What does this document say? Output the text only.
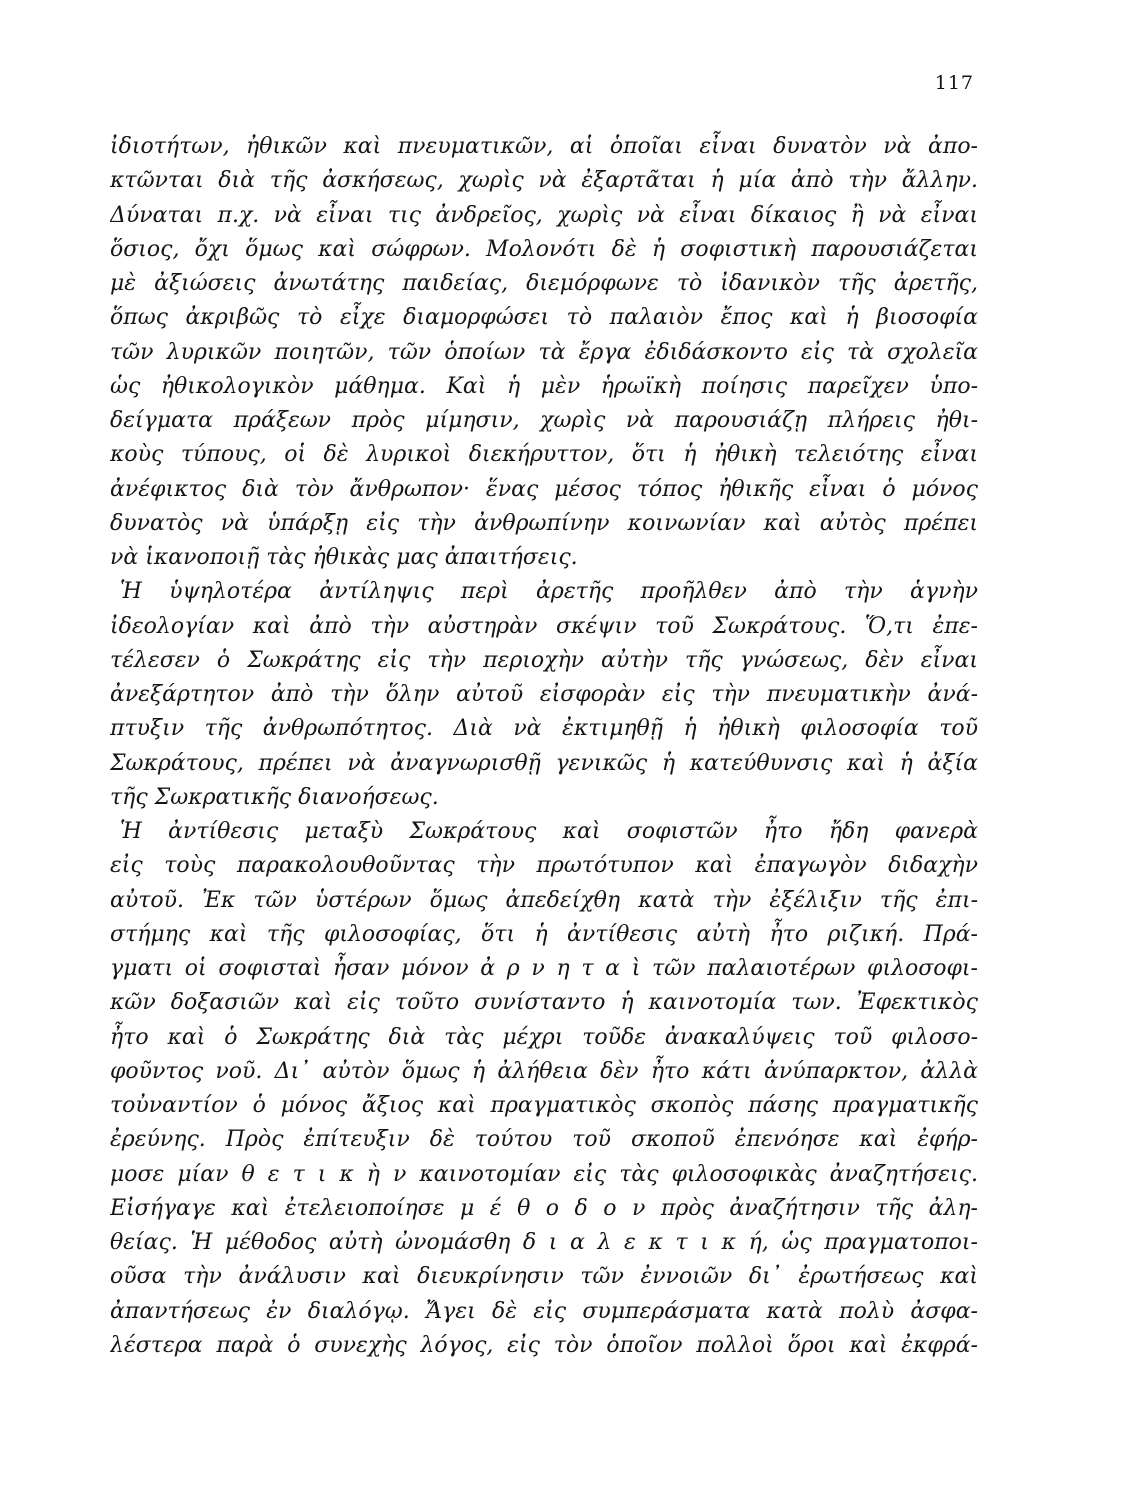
117
ἰδιοτήτων, ἠθικῶν καὶ πνευματικῶν, αἱ ὁποῖαι εἶναι δυνατὸν νὰ ἀπο-
κτῶνται διὰ τῆς ἀσκήσεως, χωρὶς νὰ ἐξαρτᾶται ἡ μία ἀπὸ τὴν ἄλλην.
Δύναται π.χ. νὰ εἶναι τις ἀνδρεῖος, χωρὶς νὰ εἶναι δίκαιος ἢ νὰ εἶναι
ὅσιος, ὄχι ὅμως καὶ σώφρων. Μολονότι δὲ ἡ σοφιστικὴ παρουσιάζεται
μὲ ἀξιώσεις ἀνωτάτης παιδείας, διεμόρφωνε τὸ ἰδανικὸν τῆς ἀρετῆς,
ὅπως ἀκριβῶς τὸ εἶχε διαμορφώσει τὸ παλαιὸν ἔπος καὶ ἡ βιοσοφία
τῶν λυρικῶν ποιητῶν, τῶν ὁποίων τὰ ἔργα ἐδιδάσκοντο εἰς τὰ σχολεῖα
ὡς ἠθικολογικὸν μάθημα. Καὶ ἡ μὲν ἡρωϊκὴ ποίησις παρεῖχεν ὑπο-
δείγματα πράξεων πρὸς μίμησιν, χωρὶς νὰ παρουσιάζῃ πλήρεις ἠθι-
κοὺς τύπους, οἱ δὲ λυρικοὶ διεκήρυττον, ὅτι ἡ ἠθικὴ τελειότης εἶναι
ἀνέφικτος διὰ τὸν ἄνθρωπον· ἕνας μέσος τόπος ἠθικῆς εἶναι ὁ μόνος
δυνατὸς νὰ ὑπάρξῃ εἰς τὴν ἀνθρωπίνην κοινωνίαν καὶ αὐτὸς πρέπει
νὰ ἱκανοποιῇ τὰς ἠθικὰς μας ἀπαιτήσεις.
Ἡ ὑψηλοτέρα ἀντίληψις περὶ ἀρετῆς προῆλθεν ἀπὸ τὴν ἁγνὴν
ἰδεολογίαν καὶ ἀπὸ τὴν αὐστηρὰν σκέψιν τοῦ Σωκράτους. Ὅ,τι ἐπε-
τέλεσεν ὁ Σωκράτης εἰς τὴν περιοχὴν αὐτὴν τῆς γνώσεως, δὲν εἶναι
ἀνεξάρτητον ἀπὸ τὴν ὅλην αὐτοῦ εἰσφορὰν εἰς τὴν πνευματικὴν ἀνά-
πτυξιν τῆς ἀνθρωπότητος. Διὰ νὰ ἐκτιμηθῇ ἡ ἠθικὴ φιλοσοφία τοῦ
Σωκράτους, πρέπει νὰ ἀναγνωρισθῇ γενικῶς ἡ κατεύθυνσις καὶ ἡ ἀξία
τῆς Σωκρατικῆς διανοήσεως.
Ἡ ἀντίθεσις μεταξὺ Σωκράτους καὶ σοφιστῶν ἦτο ἤδη φανερὰ
εἰς τοὺς παρακολουθοῦντας τὴν πρωτότυπον καὶ ἐπαγωγὸν διδαχὴν
αὐτοῦ. Ἐκ τῶν ὑστέρων ὅμως ἀπεδείχθη κατὰ τὴν ἐξέλιξιν τῆς ἐπι-
στήμης καὶ τῆς φιλοσοφίας, ὅτι ἡ ἀντίθεσις αὐτὴ ἦτο ριζική. Πρά-
γματι οἱ σοφισταὶ ἦσαν μόνον ἀ ρ ν η τ α ὶ τῶν παλαιοτέρων φιλοσοφι-
κῶν δοξασιῶν καὶ εἰς τοῦτο συνίσταντο ἡ καινοτομία των. Ἐφεκτικὸς
ἦτο καὶ ὁ Σωκράτης διὰ τὰς μέχρι τοῦδε ἀνακαλύψεις τοῦ φιλοσο-
φοῦντος νοῦ. Δι᾽ αὐτὸν ὅμως ἡ ἀλήθεια δὲν ἦτο κάτι ἀνύπαρκτον, ἀλλὰ
τοὐναντίον ὁ μόνος ἄξιος καὶ πραγματικὸς σκοπὸς πάσης πραγματικῆς
ἐρεύνης. Πρὸς ἐπίτευξιν δὲ τούτου τοῦ σκοποῦ ἐπενόησε καὶ ἐφήρ-
μοσε μίαν θ ε τ ι κ ὴ ν καινοτομίαν εἰς τὰς φιλοσοφικὰς ἀναζητήσεις.
Εἰσήγαγε καὶ ἐτελειοποίησε μ έ θ ο δ ο ν πρὸς ἀναζήτησιν τῆς ἀλη-
θείας. Ἡ μέθοδος αὐτὴ ὠνομάσθη δ ι α λ ε κ τ ι κ ή, ὡς πραγματοποι-
οῦσα τὴν ἀνάλυσιν καὶ διευκρίνησιν τῶν ἐννοιῶν δι᾽ ἐρωτήσεως καὶ
ἀπαντήσεως ἐν διαλόγῳ. Ἄγει δὲ εἰς συμπεράσματα κατὰ πολὺ ἀσφα-
λέστερα παρὰ ὁ συνεχὴς λόγος, εἰς τὸν ὁποῖον πολλοὶ ὅροι καὶ ἐκφρά-
